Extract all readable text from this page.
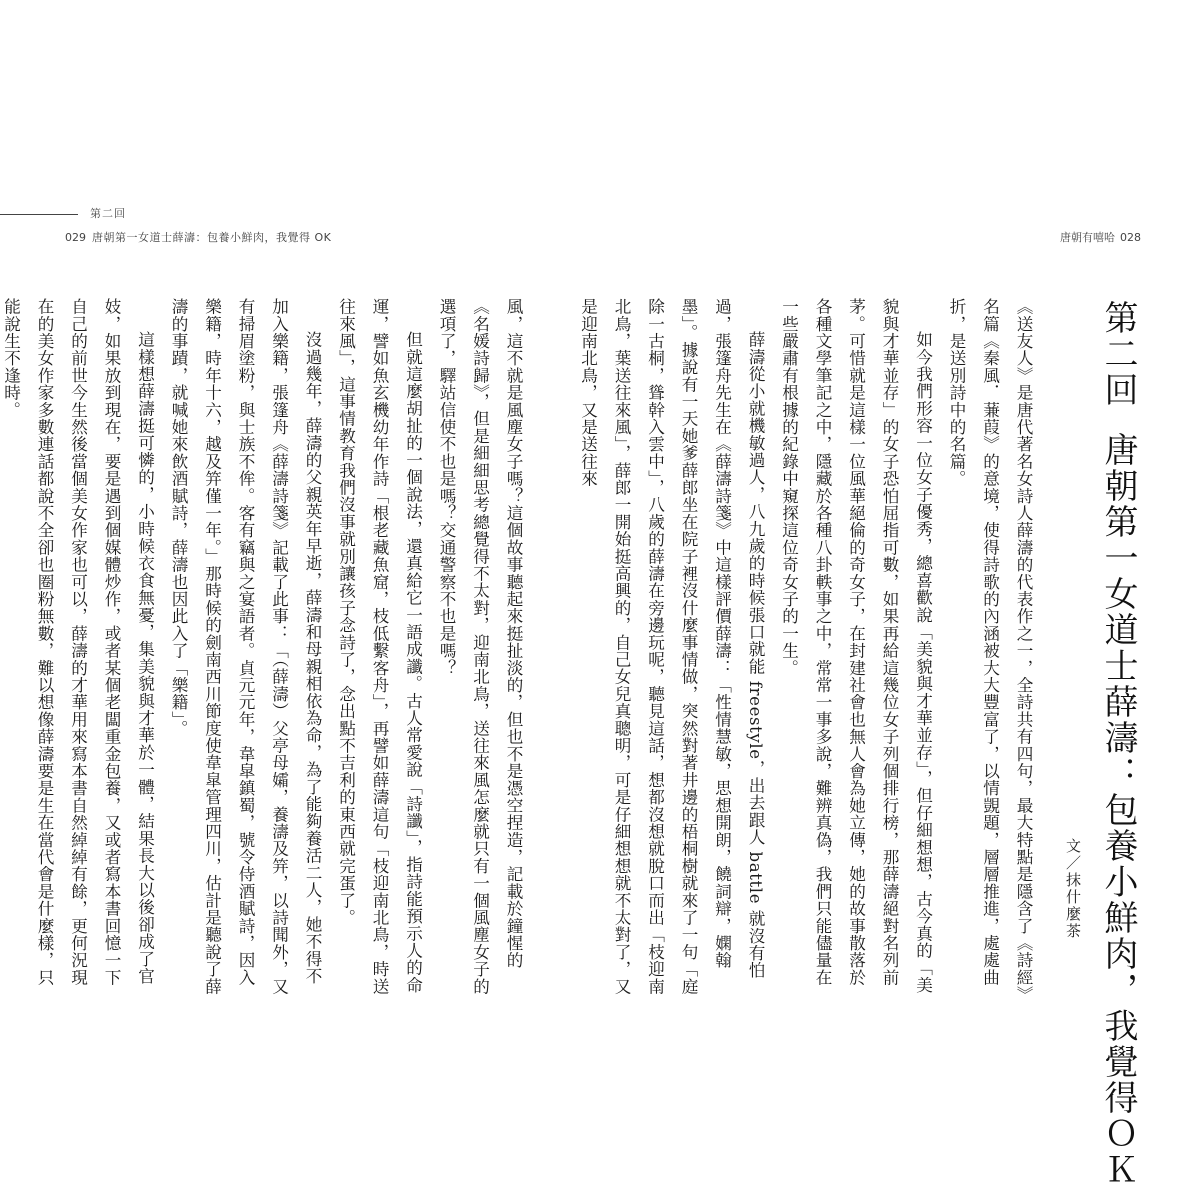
第二回
029 唐朝第一女道士薛濤：包養小鮮肉，我覺得 OK	唐朝有嘻哈 028
第二回唐朝第一女道士薛濤：包養小鮮肉，我覺得ＯＫ
文／抹什麼茶

《送友人》是唐代著名女詩人薛濤的代表作之一，全詩共有四句，最大特點是隱含了《詩經》名篇《秦風．蒹葭》的意境，使得詩歌的內涵被大大豐富了，以情覬題，層層推進，處處曲折，是送別詩中的名篇。

如今我們形容一位女子優秀，總喜歡說「美貌與才華並存」，但仔細想想，古今真的「美貌與才華並存」的女子恐怕屈指可數，如果再給這幾位女子列個排行榜，那薛濤絕對名列前茅。可惜就是這樣一位風華絕倫的奇女子，在封建社會也無人會為她立傳，她的故事散落於各種文學筆記之中，隱藏於各種八卦軼事之中，常常一事多說，難辨真偽，我們只能儘量在一些嚴肅有根據的紀錄中窺探這位奇女子的一生。

薛濤從小就機敏過人，八九歲的時候張口就能 freestyle，出去跟人 battle 就沒有怕過，張篷舟先生在《薛濤詩箋》中這樣評價薛濤：「性情慧敏，思想開朗，饒詞辯，嫻翰墨」。據說有一天她爹薛郎坐在院子裡沒什麼事情做，突然對著井邊的梧桐樹就來了一句「庭除一古桐，聳幹入雲中」，八歲的薛濤在旁邊玩呢，聽見這話，想都沒想就脫口而出「枝迎南北鳥，葉送往來風」，薛郎一開始挺高興的，自己女兒真聰明，可是仔細想想就不太對了，又是迎南北鳥，又是送往來

風，這不就是風塵女子嗎？這個故事聽起來挺扯淡的，但也不是憑空捏造，記載於鐘惺的《名媛詩歸》，但是細細思考總覺得不太對，迎南北鳥，送往來風怎麼就只有一個風塵女子的選項了，驛站信使不也是嗎？交通警察不也是嗎？

但就這麼胡扯的一個說法，還真給它一語成讖。古人常愛說「詩讖」，指詩能預示人的命運，譬如魚玄機幼年作詩「根老藏魚窟，枝低繫客舟」，再譬如薛濤這句「枝迎南北鳥，時送往來風」，這事情教育我們沒事就別讓孩子念詩了，念出點不吉利的東西就完蛋了。

沒過幾年，薛濤的父親英年早逝，薛濤和母親相依為命，為了能夠養活二人，她不得不加入樂籍，張篷舟《薛濤詩箋》記載了此事：「（薛濤）父亭母孀，養濤及笄，以詩聞外，又有掃眉塗粉，與士族不侔。客有竊與之宴語者。貞元元年，韋皐鎮蜀，號令侍酒賦詩，因入樂籍，時年十六，越及笄僅一年。」那時候的劍南西川節度使韋皐管理四川，估計是聽說了薛濤的事蹟，就喊她來飲酒賦詩，薛濤也因此入了「樂籍」。

這樣想薛濤挺可憐的，小時候衣食無憂，集美貌與才華於一體，結果長大以後卻成了官妓，如果放到現在，要是遇到個媒體炒作，或者某個老闆重金包養，又或者寫本書回憶一下自己的前世今生然後當個美女作家也可以，薛濤的才華用來寫本書自然綽綽有餘，更何況現在的美女作家多數連話都說不全卻也圈粉無數，難以想像薛濤要是生在當代會是什麼樣，只能說生不逢時。
